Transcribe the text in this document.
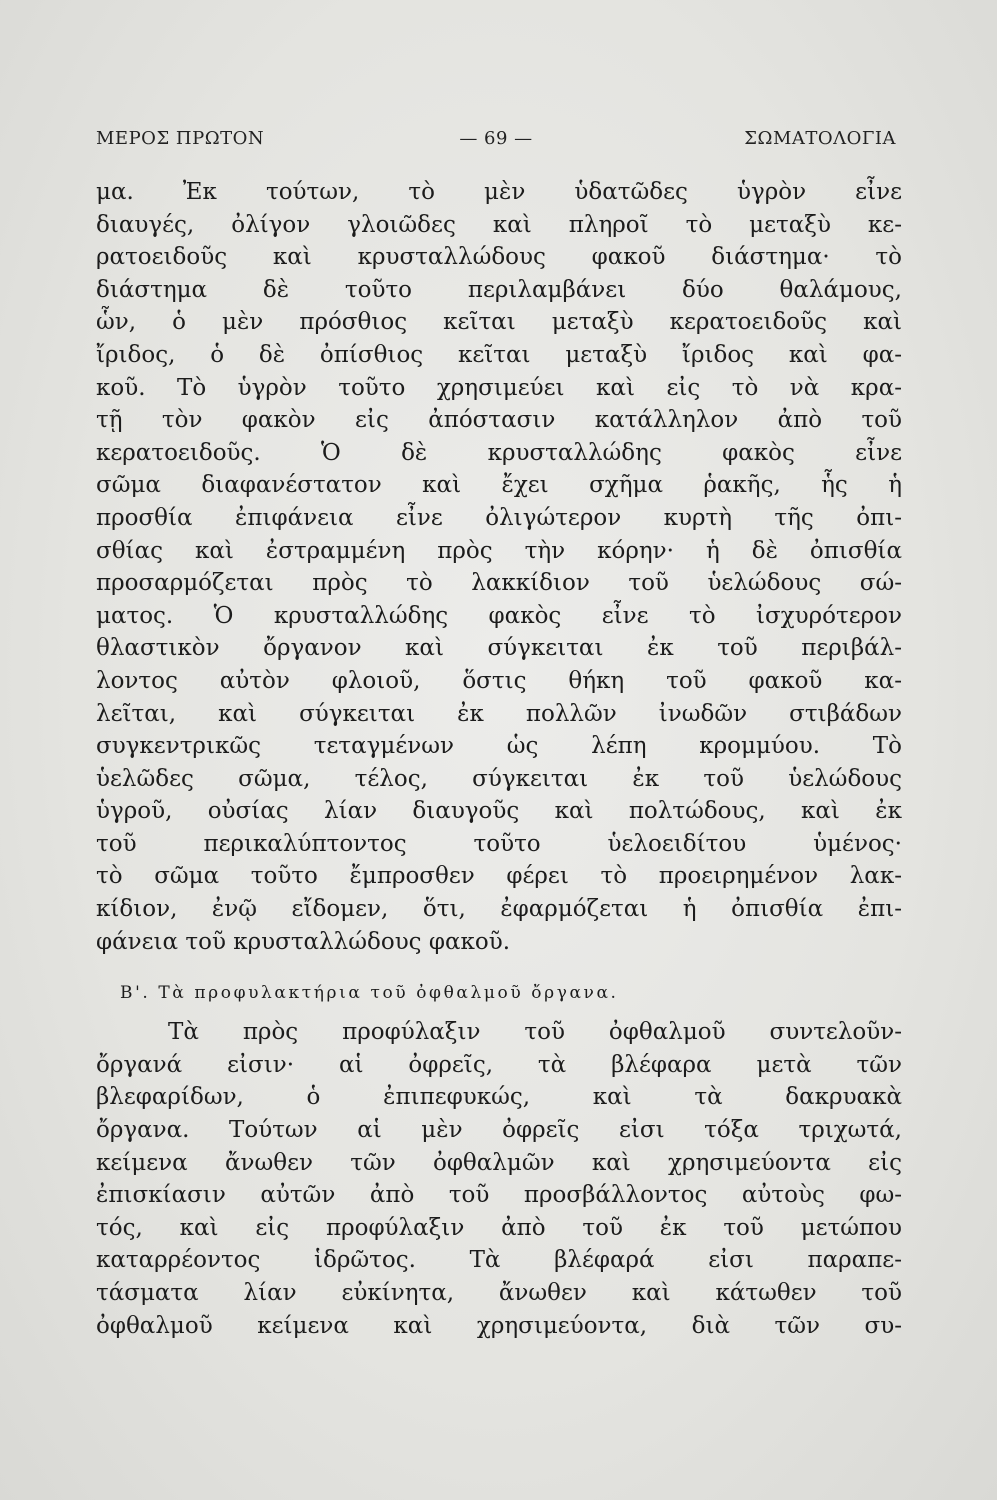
ΜΕΡΟΣ ΠΡΩΤΟΝ	— 69 —	ΣΩΜΑΤΟΛΟΓΙΑ
μα. Ἐκ τούτων, τὸ μὲν ὑδατῶδες ὑγρὸν εἶνε
διαυγές, ὀλίγον γλοιῶδες καὶ πληροῖ τὸ μεταξὺ κε-
ρατοειδοῦς καὶ κρυσταλλώδους φακοῦ διάστημα· τὸ
διάστημα δὲ τοῦτο περιλαμβάνει δύο θαλάμους,
ὧν, ὁ μὲν πρόσθιος κεῖται μεταξὺ κερατοειδοῦς καὶ
ἴριδος, ὁ δὲ ὀπίσθιος κεῖται μεταξὺ ἴριδος καὶ φα-
κοῦ. Τὸ ὑγρὸν τοῦτο χρησιμεύει καὶ εἰς τὸ νὰ κρα-
τῇ τὸν φακὸν εἰς ἀπόστασιν κατάλληλον ἀπὸ τοῦ
κερατοειδοῦς. Ὁ δὲ κρυσταλλώδης φακὸς εἶνε
σῶμα διαφανέστατον καὶ ἔχει σχῆμα ῥακῆς, ἧς ἡ
προσθία ἐπιφάνεια εἶνε ὀλιγώτερον κυρτὴ τῆς ὀπι-
σθίας καὶ ἐστραμμένη πρὸς τὴν κόρην· ἡ δὲ ὀπισθία
προσαρμόζεται πρὸς τὸ λακκίδιον τοῦ ὑελώδους σώ-
ματος. Ὁ κρυσταλλώδης φακὸς εἶνε τὸ ἰσχυρότερον
θλαστικὸν ὄργανον καὶ σύγκειται ἐκ τοῦ περιβάλ-
λοντος αὐτὸν φλοιοῦ, ὅστις θήκη τοῦ φακοῦ κα-
λεῖται, καὶ σύγκειται ἐκ πολλῶν ἰνωδῶν στιβάδων
συγκεντρικῶς τεταγμένων ὡς λέπη κρομμύου. Τὸ
ὑελῶδες σῶμα, τέλος, σύγκειται ἐκ τοῦ ὑελώδους
ὑγροῦ, οὐσίας λίαν διαυγοῦς καὶ πολτώδους, καὶ ἐκ
τοῦ περικαλύπτοντος τοῦτο ὑελοειδίτου ὑμένος·
τὸ σῶμα τοῦτο ἔμπροσθεν φέρει τὸ προειρημένον λακ-
κίδιον, ἐνῷ εἴδομεν, ὅτι, ἐφαρμόζεται ἡ ὀπισθία ἐπι-
φάνεια τοῦ κρυσταλλώδους φακοῦ.
Β'. Τὰ προφυλακτήρια τοῦ ὀφθαλμοῦ ὄργανα.
Τὰ πρὸς προφύλαξιν τοῦ ὀφθαλμοῦ συντελοῦν-
ὄργανά εἰσιν· αἱ ὀφρεῖς, τὰ βλέφαρα μετὰ τῶν
βλεφαρίδων, ὁ ἐπιπεφυκώς, καὶ τὰ δακρυακὰ
ὄργανα. Τούτων αἱ μὲν ὀφρεῖς εἰσι τόξα τριχωτά,
κείμενα ἄνωθεν τῶν ὀφθαλμῶν καὶ χρησιμεύοντα εἰς
ἐπισκίασιν αὐτῶν ἀπὸ τοῦ προσβάλλοντος αὐτοὺς φω-
τός, καὶ εἰς προφύλαξιν ἀπὸ τοῦ ἐκ τοῦ μετώπου
καταρρέοντος ἱδρῶτος. Τὰ βλέφαρά εἰσι παραπε-
τάσματα λίαν εὐκίνητα, ἄνωθεν καὶ κάτωθεν τοῦ
ὀφθαλμοῦ κείμενα καὶ χρησιμεύοντα, διὰ τῶν συ-
